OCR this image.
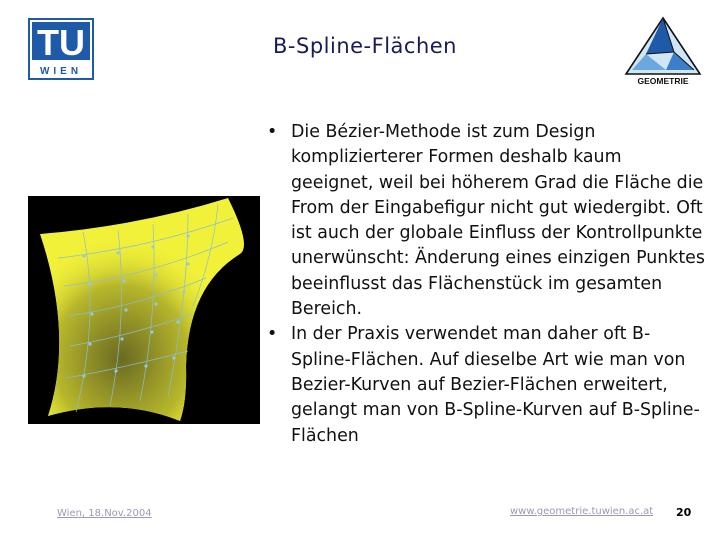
TU
WIEN
B-Spline-Flächen
GEOMETRIE
• Die Bézier-Methode ist zum Design komplizierterer Formen deshalb kaum geeignet, weil bei höherem Grad die Fläche die From der Eingabefigur nicht gut wiedergibt. Oft ist auch der globale Einfluss der Kontrollpunkte unerwünscht: Änderung eines einzigen Punktes beeinflusst das Flächenstück im gesamten Bereich.
• In der Praxis verwendet man daher oft B-Spline-Flächen. Auf dieselbe Art wie man von Bezier-Kurven auf Bezier-Flächen erweitert, gelangt man von B-Spline-Kurven auf B-Spline-Flächen
Wien, 18.Nov.2004	www.geometrie.tuwien.ac.at 20
